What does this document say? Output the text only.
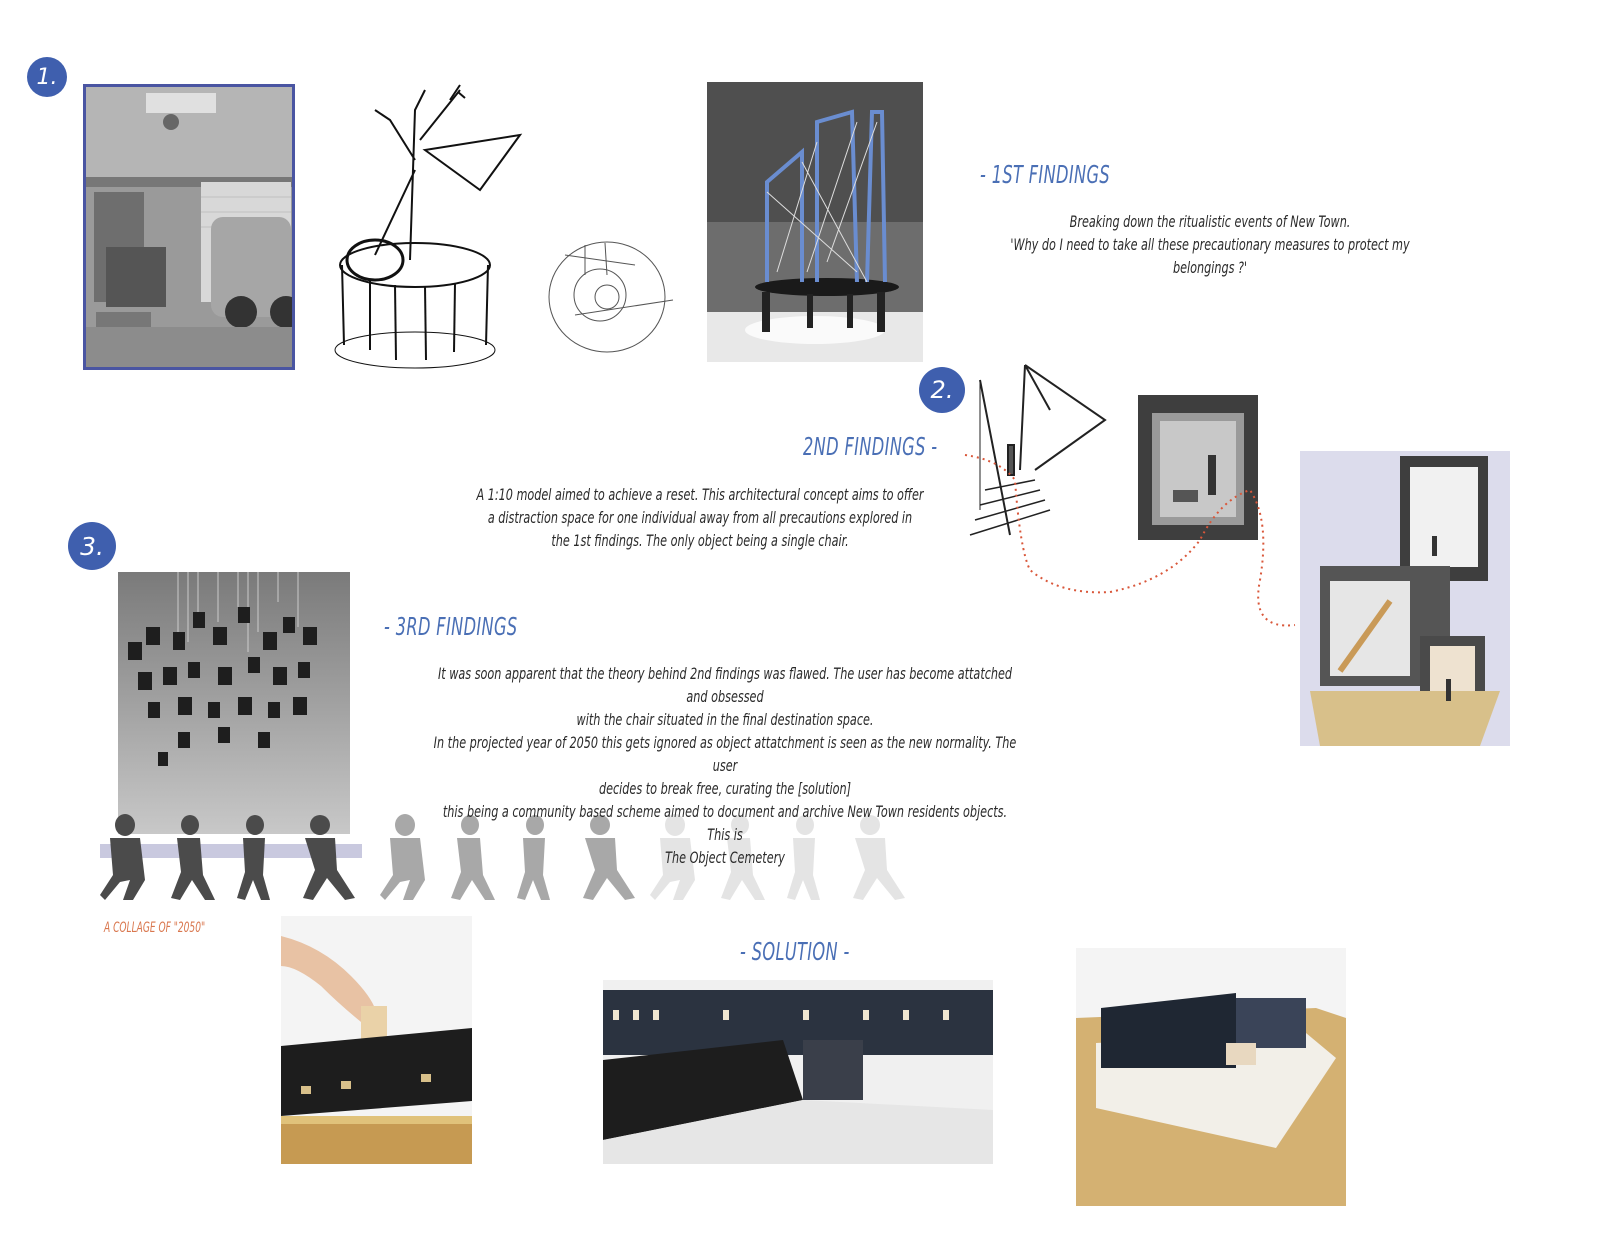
1.
2.
3.
- 1ST FINDINGS
Breaking down the ritualistic events of New Town.
'Why do I need to take all these precautionary measures to protect my
belongings ?'
2ND FINDINGS -
A 1:10 model aimed to achieve a reset. This architectural concept aims to offer
a distraction space for one individual away from all precautions explored in
the 1st findings. The only object being a single chair.
A COLLAGE OF "2050"
- 3RD FINDINGS
It was soon apparent that the theory behind 2nd findings was flawed. The user has become attatched and obsessed
with the chair situated in the final destination space.
In the projected year of 2050 this gets ignored as object attatchment is seen as the new normality. The user
decides to break free, curating the [solution]
this being a community based scheme aimed to document and archive New Town residents objects. This is
The Object Cemetery
- SOLUTION -
